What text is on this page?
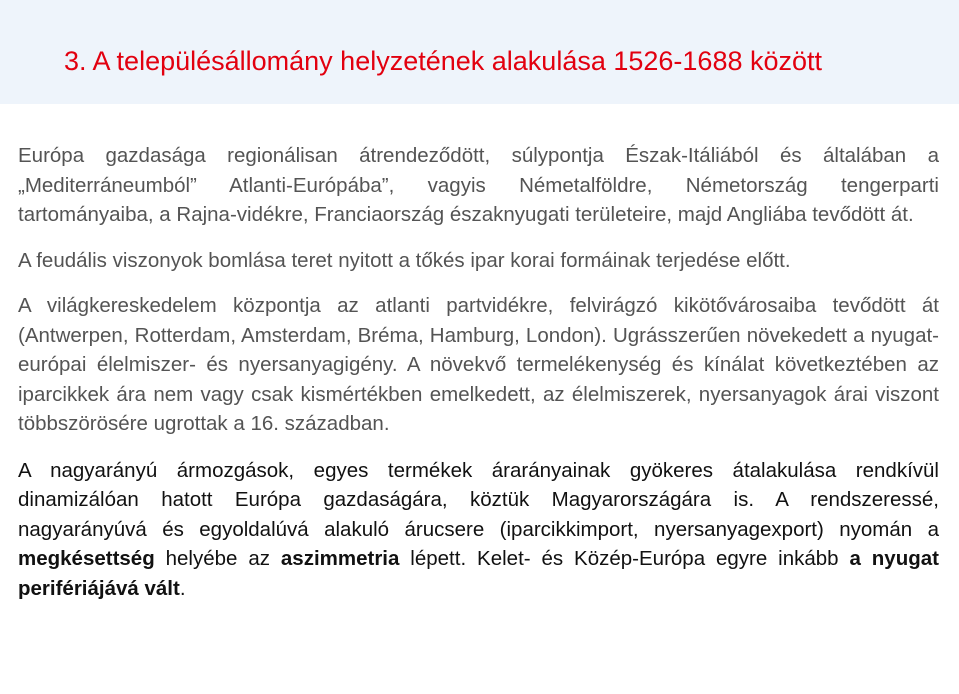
3. A településállomány helyzetének alakulása 1526-1688 között

Európa gazdasága regionálisan átrendeződött, súlypontja Észak-Itáliából és általában a „Mediterráneumból” Atlanti-Európába”, vagyis Németalföldre, Németország tengerparti tartományaiba, a Rajna-vidékre, Franciaország északnyugati területeire, majd Angliába tevődött át.

A feudális viszonyok bomlása teret nyitott a tőkés ipar korai formáinak terjedése előtt.

A világkereskedelem központja az atlanti partvidékre, felvirágzó kikötővárosaiba tevődött át (Antwerpen, Rotterdam, Amsterdam, Bréma, Hamburg, London). Ugrásszerűen növekedett a nyugat-európai élelmiszer- és nyersanyagigény. A növekvő termelékenység és kínálat következtében az iparcikkek ára nem vagy csak kismértékben emelkedett, az élelmiszerek, nyersanyagok árai viszont többszörösére ugrottak a 16. században.

A nagyarányú ármozgások, egyes termékek árarányainak gyökeres átalakulása rendkívül dinamizálóan hatott Európa gazdaságára, köztük Magyarországára is. A rendszeressé, nagyarányúvá és egyoldalúvá alakuló árucsere (iparcikkimport, nyersanyagexport) nyomán a megkésettség helyébe az aszimmetria lépett. Kelet- és Közép-Európa egyre inkább a nyugat perifériájává vált.
